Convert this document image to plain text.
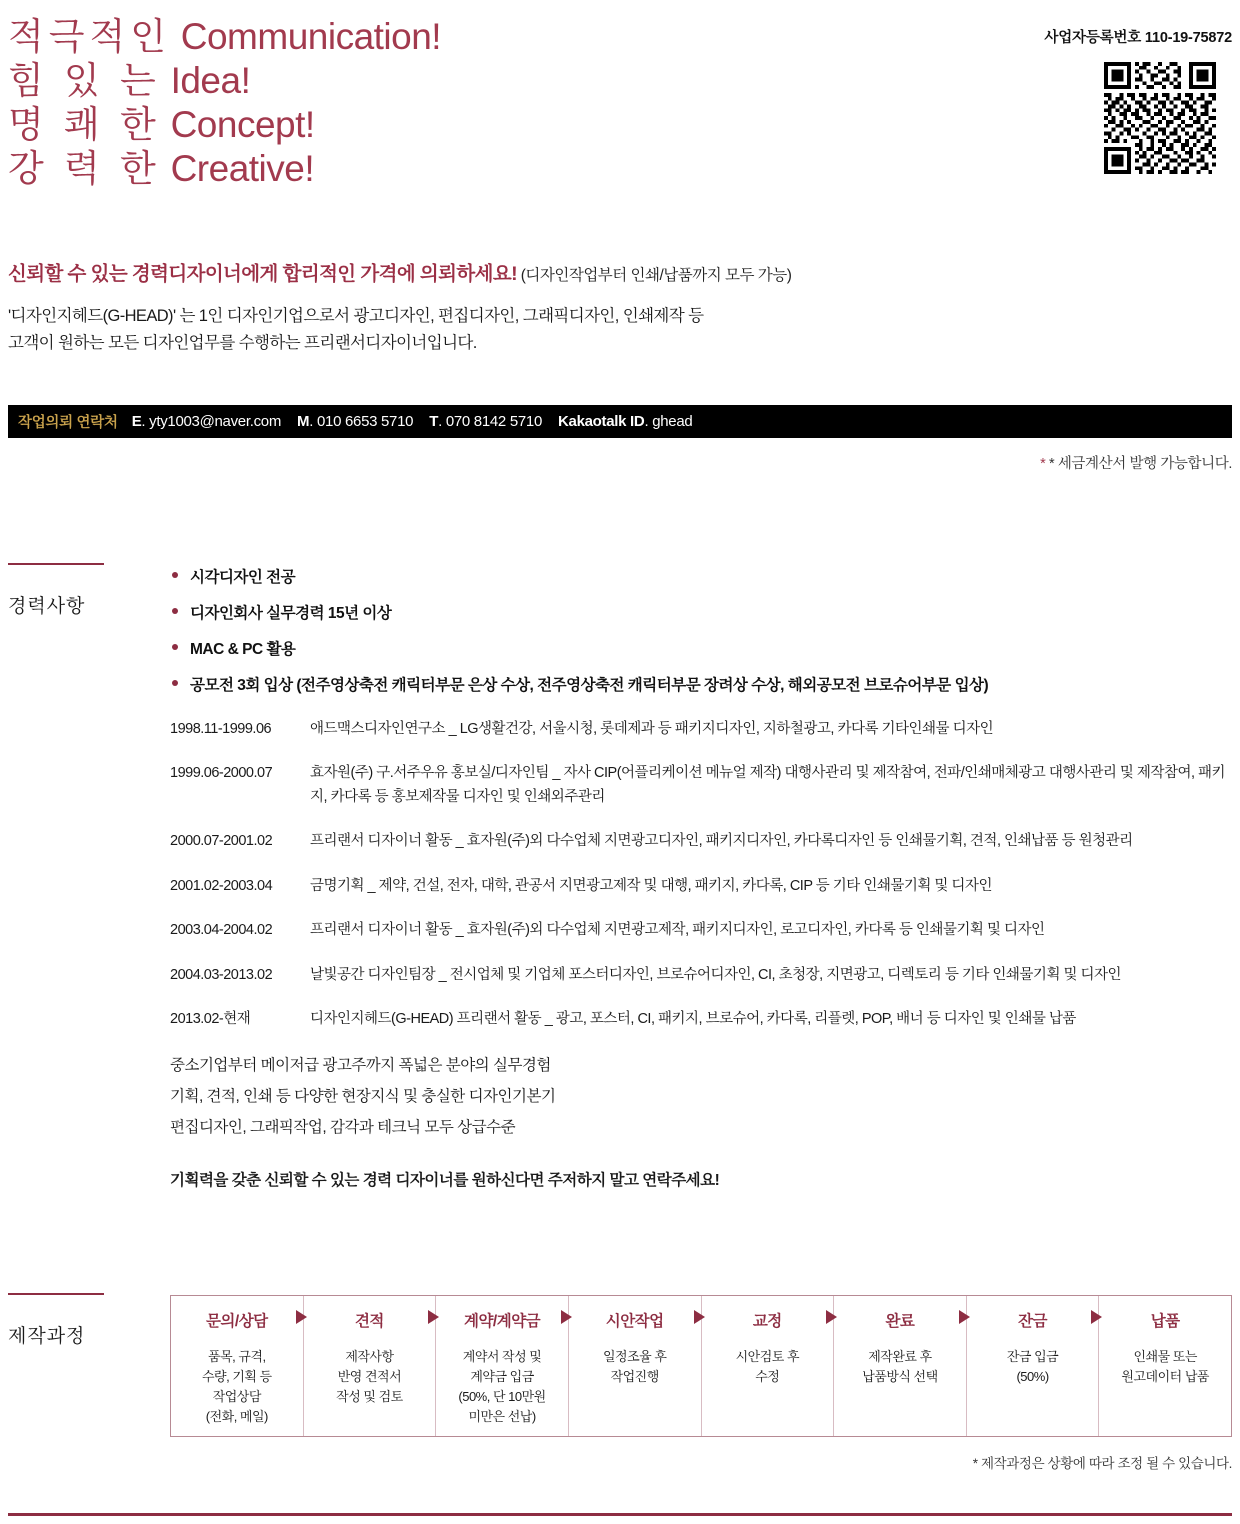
사업자등록번호 110-19-75872
적극적인 Communication!
힘 있 는 Idea!
명 쾌 한 Concept!
강 력 한 Creative!
신뢰할 수 있는 경력디자이너에게 합리적인 가격에 의뢰하세요! (디자인작업부터 인쇄/납품까지 모두 가능)
'디자인지헤드(G-HEAD)' 는 1인 디자인기업으로서 광고디자인, 편집디자인, 그래픽디자인, 인쇄제작 등
고객이 원하는 모든 디자인업무를 수행하는 프리랜서디자이너입니다.
작업의뢰 연락처 E. yty1003@naver.com M. 010 6653 5710 T. 070 8142 5710 Kakaotalk ID. ghead
* * 세금계산서 발행 가능합니다.
경력사항
시각디자인 전공
디자인회사 실무경력 15년 이상
MAC & PC 활용
공모전 3회 입상 (전주영상축전 캐릭터부문 은상 수상, 전주영상축전 캐릭터부문 장려상 수상, 해외공모전 브로슈어부문 입상)
1998.11-1999.06	애드맥스디자인연구소 _ LG생활건강, 서울시청, 롯데제과 등 패키지디자인, 지하철광고, 카다록 기타인쇄물 디자인
1999.06-2000.07	효자원(주) 구.서주우유 홍보실/디자인팀 _ 자사 CIP(어플리케이션 메뉴얼 제작) 대행사관리 및 제작참여, 전파/인쇄매체광고 대행사관리 및 제작참여, 패키지, 카다록 등 홍보제작물 디자인 및 인쇄외주관리
2000.07-2001.02	프리랜서 디자이너 활동 _ 효자원(주)외 다수업체 지면광고디자인, 패키지디자인, 카다록디자인 등 인쇄물기획, 견적, 인쇄납품 등 원청관리
2001.02-2003.04	금명기획 _ 제약, 건설, 전자, 대학, 관공서 지면광고제작 및 대행, 패키지, 카다록, CIP 등 기타 인쇄물기획 및 디자인
2003.04-2004.02	프리랜서 디자이너 활동 _ 효자원(주)외 다수업체 지면광고제작, 패키지디자인, 로고디자인, 카다록 등 인쇄물기획 및 디자인
2004.03-2013.02	날빛공간 디자인팀장 _ 전시업체 및 기업체 포스터디자인, 브로슈어디자인, CI, 초청장, 지면광고, 디렉토리 등 기타 인쇄물기획 및 디자인
2013.02-현재	디자인지헤드(G-HEAD) 프리랜서 활동 _ 광고, 포스터, CI, 패키지, 브로슈어, 카다록, 리플렛, POP, 배너 등 디자인 및 인쇄물 납품
중소기업부터 메이저급 광고주까지 폭넓은 분야의 실무경험
기획, 견적, 인쇄 등 다양한 현장지식 및 충실한 디자인기본기
편집디자인, 그래픽작업, 감각과 테크닉 모두 상급수준
기획력을 갖춘 신뢰할 수 있는 경력 디자이너를 원하신다면 주저하지 말고 연락주세요!
제작과정
문의/상담
품목, 규격,
수량, 기획 등
작업상담
(전화, 메일)
견적
제작사항
반영 견적서
작성 및 검토
계약/계약금
계약서 작성 및
계약금 입금
(50%, 단 10만원
미만은 선납)
시안작업
일정조율 후
작업진행
교정
시안검토 후
수정
완료
제작완료 후
납품방식 선택
잔금
잔금 입금
(50%)
납품
인쇄물 또는
원고데이터 납품
* 제작과정은 상황에 따라 조정 될 수 있습니다.
